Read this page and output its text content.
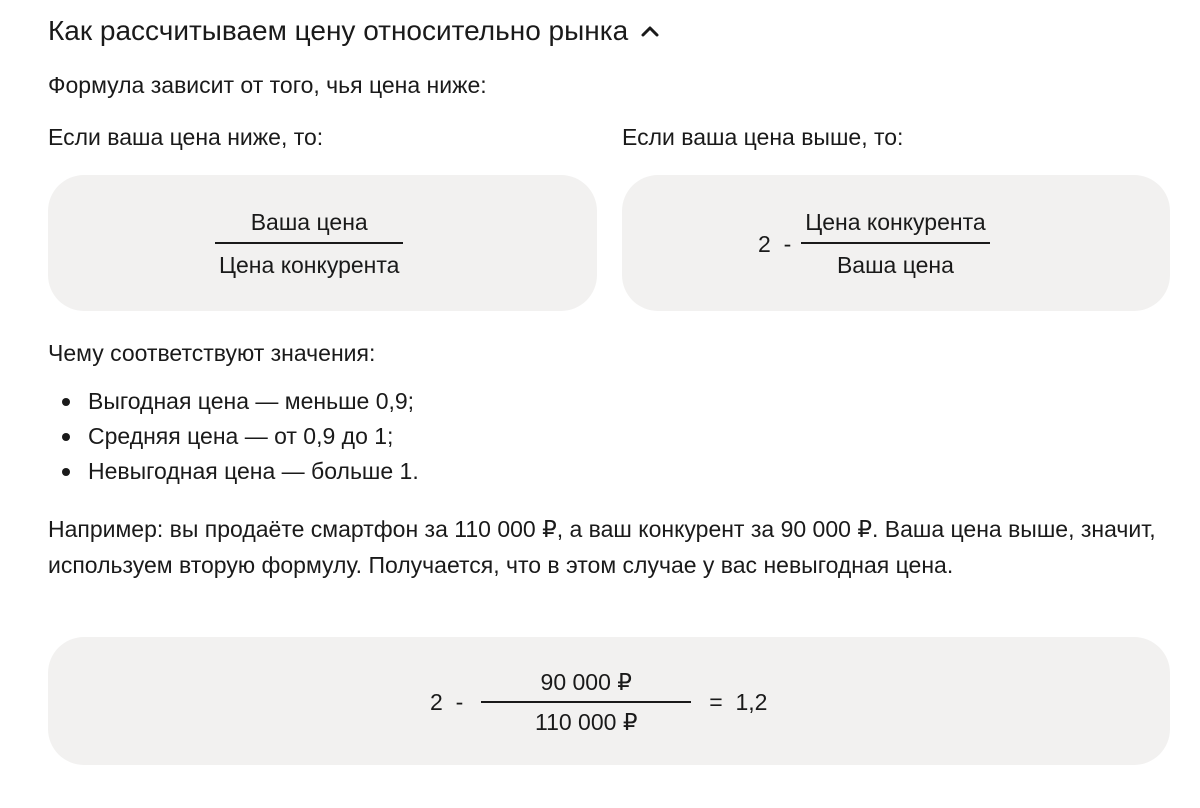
Как рассчитываем цену относительно рынка
Формула зависит от того, чья цена ниже:
Если ваша цена ниже, то:	Если ваша цена выше, то:
$\frac{\text{Ваша цена}}{\text{Цена конкурента}}$	$2 - \frac{\text{Цена конкурента}}{\text{Ваша цена}}$
Чему соответствуют значения:
Выгодная цена — меньше 0,9;
Средняя цена — от 0,9 до 1;
Невыгодная цена — больше 1.
Например: вы продаёте смартфон за 110 000 ₽, а ваш конкурент за 90 000 ₽. Ваша цена выше, значит, используем вторую формулу. Получается, что в этом случае у вас невыгодная цена.
$2 - \frac{90 000 ₽}{110 000 ₽} = 1,2$
